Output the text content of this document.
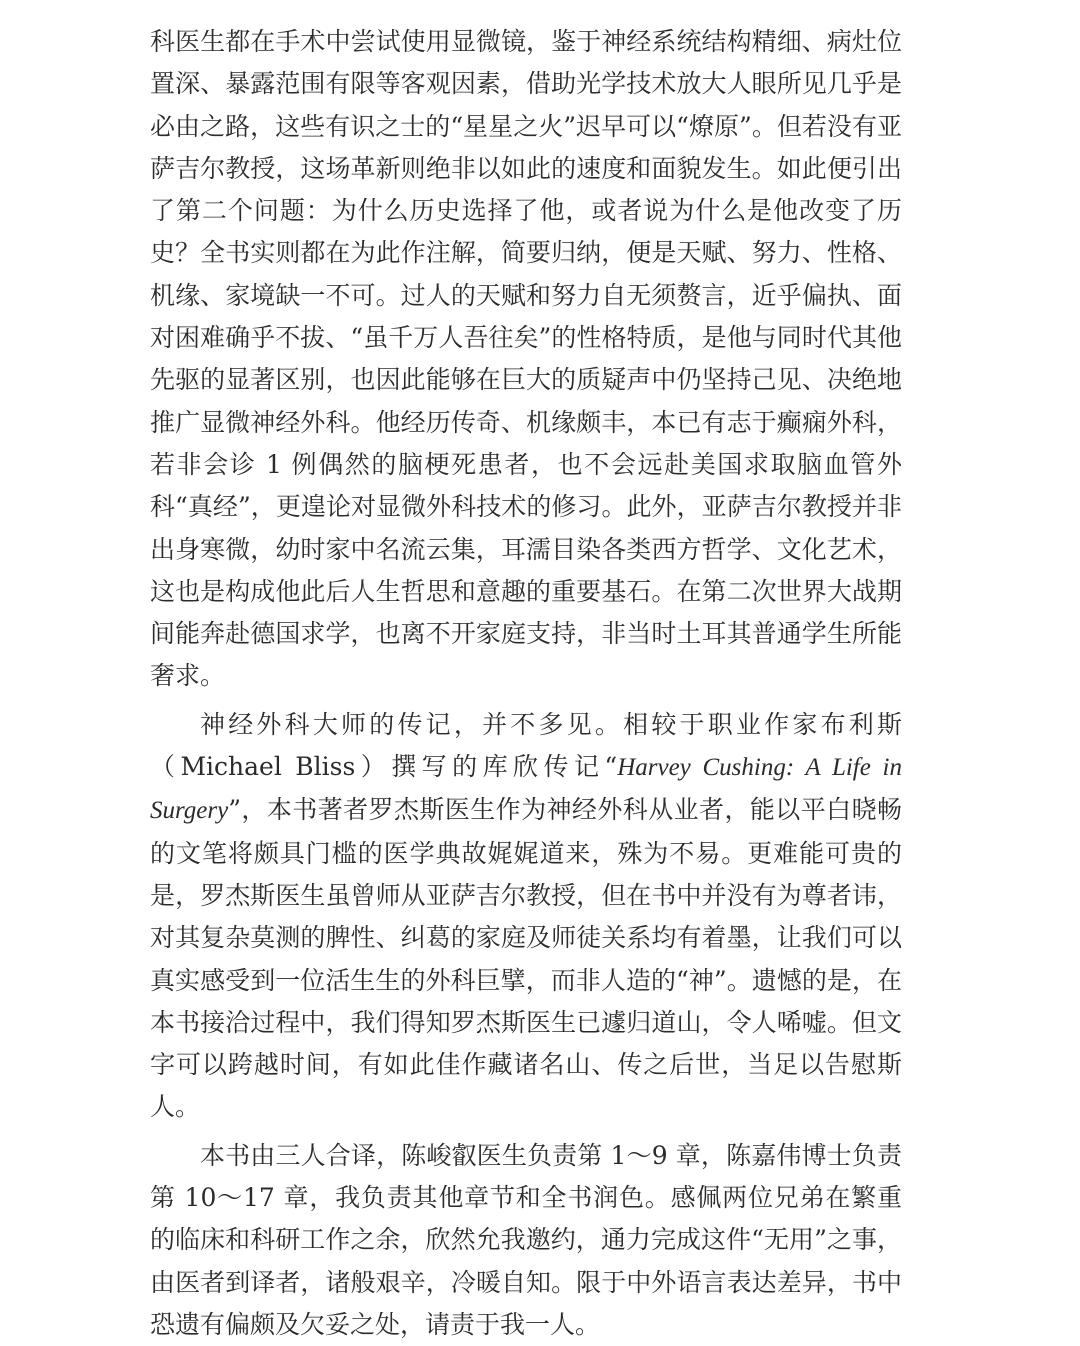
科医生都在手术中尝试使用显微镜，鉴于神经系统结构精细、病灶位置深、暴露范围有限等客观因素，借助光学技术放大人眼所见几乎是必由之路，这些有识之士的“星星之火”迟早可以“燎原”。但若没有亚萨吉尔教授，这场革新则绝非以如此的速度和面貌发生。如此便引出了第二个问题：为什么历史选择了他，或者说为什么是他改变了历史？全书实则都在为此作注解，简要归纳，便是天赋、努力、性格、机缘、家境缺一不可。过人的天赋和努力自无须赘言，近乎偏执、面对困难确乎不拔、“虽千万人吾往矣”的性格特质，是他与同时代其他先驱的显著区别，也因此能够在巨大的质疑声中仍坚持己见、决绝地推广显微神经外科。他经历传奇、机缘颇丰，本已有志于癫痫外科，若非会诊 1 例偶然的脑梗死患者，也不会远赴美国求取脑血管外科“真经”，更遑论对显微外科技术的修习。此外，亚萨吉尔教授并非出身寒微，幼时家中名流云集，耳濡目染各类西方哲学、文化艺术，这也是构成他此后人生哲思和意趣的重要基石。在第二次世界大战期间能奔赴德国求学，也离不开家庭支持，非当时土耳其普通学生所能奢求。

神经外科大师的传记，并不多见。相较于职业作家布利斯（Michael Bliss）撰写的库欣传记“Harvey Cushing: A Life in Surgery”，本书著者罗杰斯医生作为神经外科从业者，能以平白晓畅的文笔将颇具门槛的医学典故娓娓道来，殊为不易。更难能可贵的是，罗杰斯医生虽曾师从亚萨吉尔教授，但在书中并没有为尊者讳，对其复杂莫测的脾性、纠葛的家庭及师徒关系均有着墨，让我们可以真实感受到一位活生生的外科巨擘，而非人造的“神”。遗憾的是，在本书接洽过程中，我们得知罗杰斯医生已遽归道山，令人唏嘘。但文字可以跨越时间，有如此佳作藏诸名山、传之后世，当足以告慰斯人。

本书由三人合译，陈峻叡医生负责第 1～9 章，陈嘉伟博士负责第 10～17 章，我负责其他章节和全书润色。感佩两位兄弟在繁重的临床和科研工作之余，欣然允我邀约，通力完成这件“无用”之事，由医者到译者，诸般艰辛，冷暖自知。限于中外语言表达差异，书中恐遗有偏颇及欠妥之处，请责于我一人。
